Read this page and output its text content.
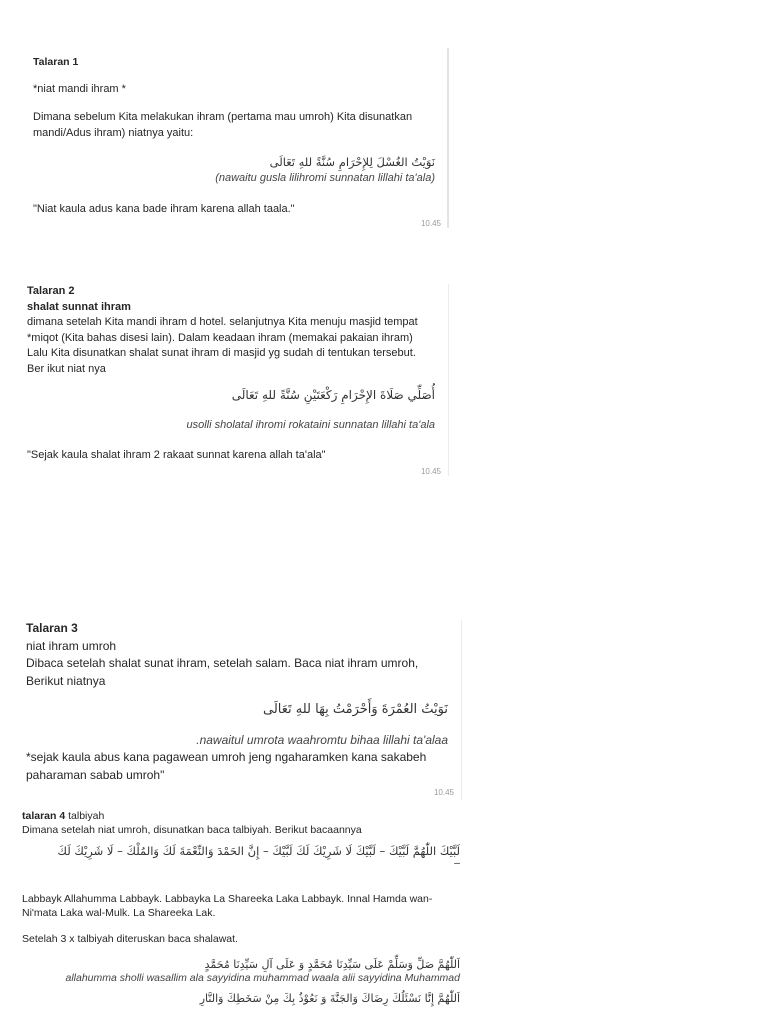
Talaran 1

*niat mandi ihram *

Dimana sebelum Kita melakukan ihram (pertama mau umroh) Kita disunatkan mandi/Adus ihram) niatnya yaitu:

نَوَيْتُ الغُسْلَ لِلإِحْرَامِ سُنَّةً للهِ تَعَالَى

(nawaitu gusla lilihromi sunnatan lillahi ta'ala)

"Niat kaula adus kana bade ihram karena allah taala."

10.45

Talaran 2

shalat sunnat ihram

dimana setelah Kita mandi ihram d hotel. selanjutnya Kita menuju masjid tempat *miqot (Kita bahas disesi lain). Dalam keadaan ihram (memakai pakaian ihram) Lalu Kita disunatkan shalat sunat ihram di masjid yg sudah di tentukan tersebut. Ber ikut niat nya

أُصَلِّي صَلَاةَ الإِحْرَامِ رَكْعَتَيْنِ سُنَّةً للهِ تَعَالَى

usolli sholatal ihromi rokataini sunnatan lillahi ta'ala

"Sejak kaula shalat ihram 2 rakaat sunnat karena allah ta'ala"

10.45

Talaran 3

niat ihram umroh

Dibaca setelah shalat sunat ihram, setelah salam. Baca niat ihram umroh, Berikut niatnya

نَوَيْتُ العُمْرَةَ وَأَحْرَمْتُ بِهَا للهِ تَعَالَى

.nawaitul umrota waahromtu bihaa lillahi ta'alaa

*sejak kaula abus kana pagawean umroh jeng ngaharamken kana sakabeh paharaman sabab umroh"

10.45

talaran 4 talbiyah

Dimana setelah niat umroh, disunatkan baca talbiyah. Berikut bacaannya

لَبَّيْكَ اللّٰهُمَّ لَبَّيْكَ – لَبَّيْكَ لَا شَرِيْكَ لَكَ لَبَّيْكَ – إِنَّ الحَمْدَ وَالنِّعْمَةَ لَكَ وَالمُلْكَ – لَا شَرِيْكَ لَكَ

–

Labbayk Allahumma Labbayk. Labbayka La Shareeka Laka Labbayk. Innal Hamda wan-Ni'mata Laka wal-Mulk. La Shareeka Lak.

Setelah 3 x talbiyah diteruskan baca shalawat.

اَللّٰهُمَّ صَلِّ وَسَلِّمْ عَلَى سَيِّدِنَا مُحَمَّدٍ وَ عَلَى آلِ سَيِّدِنَا مُحَمَّدٍ

allahumma sholli wasallim ala sayyidina muhammad waala alii sayyidina Muhammad

اَللّٰهُمَّ إِنَّا نَسْئَلُكَ رِضَاكَ وَالجَنَّةَ وَ نَعُوْذُ بِكَ مِنْ سَخَطِكَ وَالنَّارِ
